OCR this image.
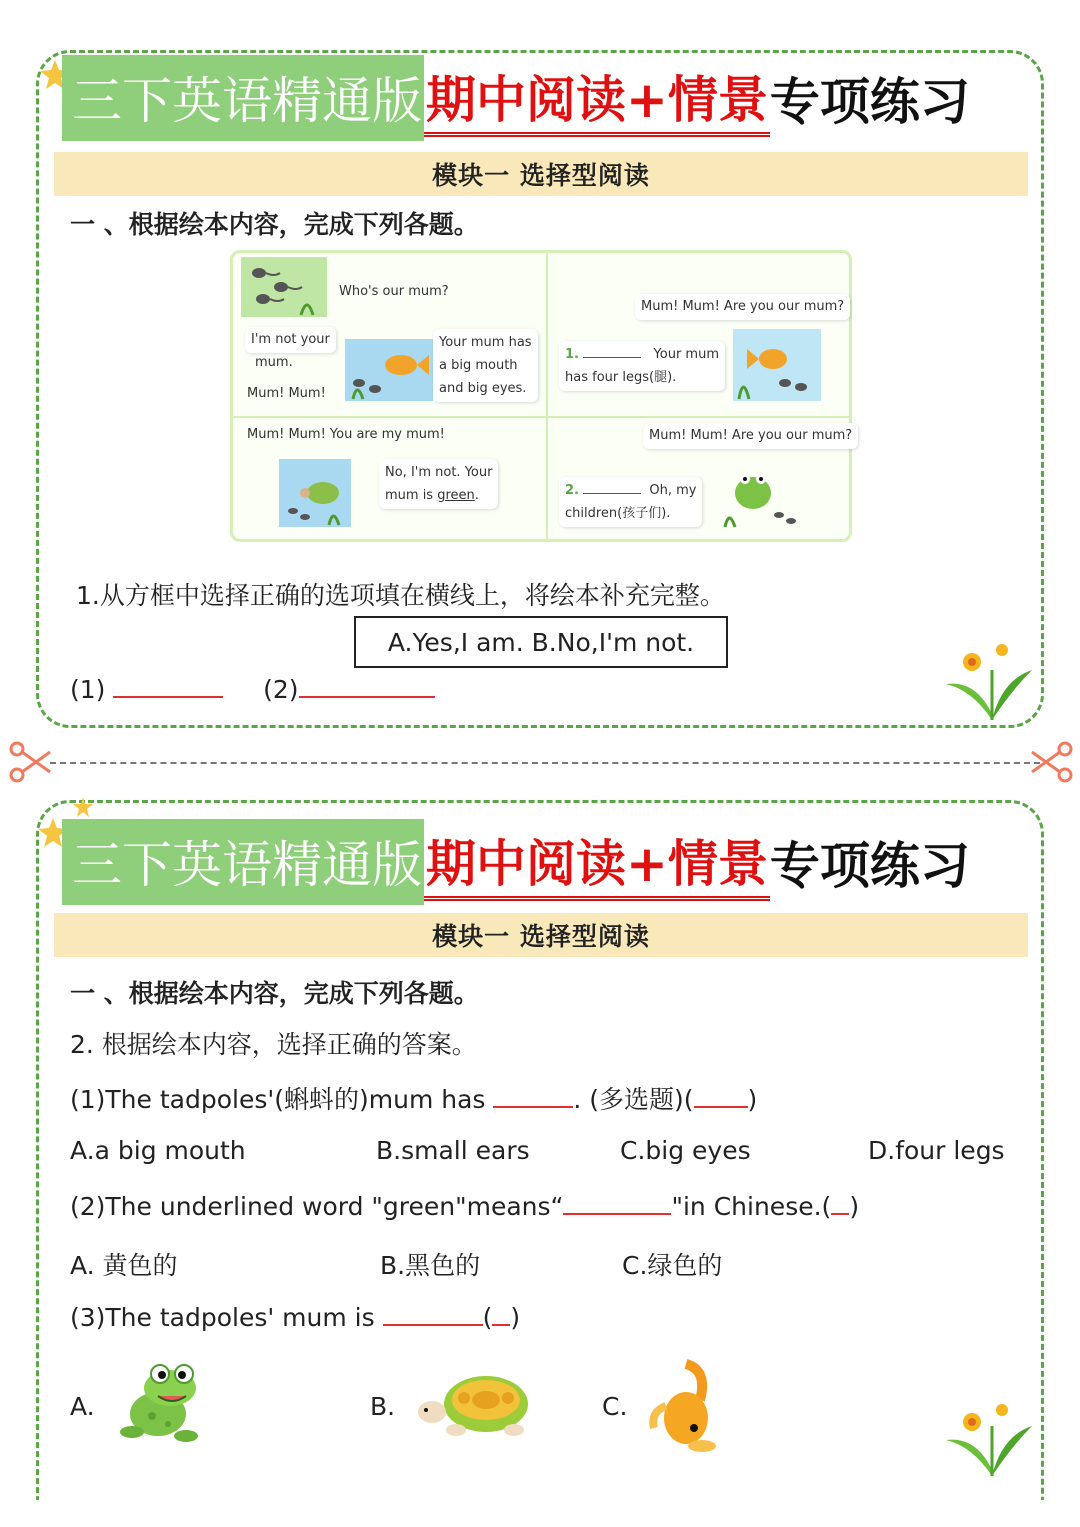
三下英语精通版 期中阅读+情景 专项练习
模块一 选择型阅读
一 、根据绘本内容，完成下列各题。
Who's our mum?
I'm not your
mum.
Mum! Mum!
Your mum has
a big mouth
and big eyes.
Mum! Mum! Are you our mum?
1.	Your mum
has four legs(腿).
Mum! Mum! You are my mum!
No, I'm not. Your
mum is green.
Mum! Mum! Are you our mum?
2.	Oh, my
children(孩子们).
1.从方框中选择正确的选项填在横线上，将绘本补充完整。
A.Yes,I am. B.No,I'm not.
(1)	(2)
三下英语精通版 期中阅读+情景 专项练习
模块一 选择型阅读
一 、根据绘本内容，完成下列各题。
2. 根据绘本内容，选择正确的答案。
(1)The tadpoles'(蝌蚪的)mum has	. (多选题)( )
A.a big mouth	B.small ears	C.big eyes	D.four legs
(2)The underlined word "green"means“	"in Chinese.( )
A. 黄色的	B.黑色的	C.绿色的
(3)The tadpoles' mum is	( )
A.	B.	C.
